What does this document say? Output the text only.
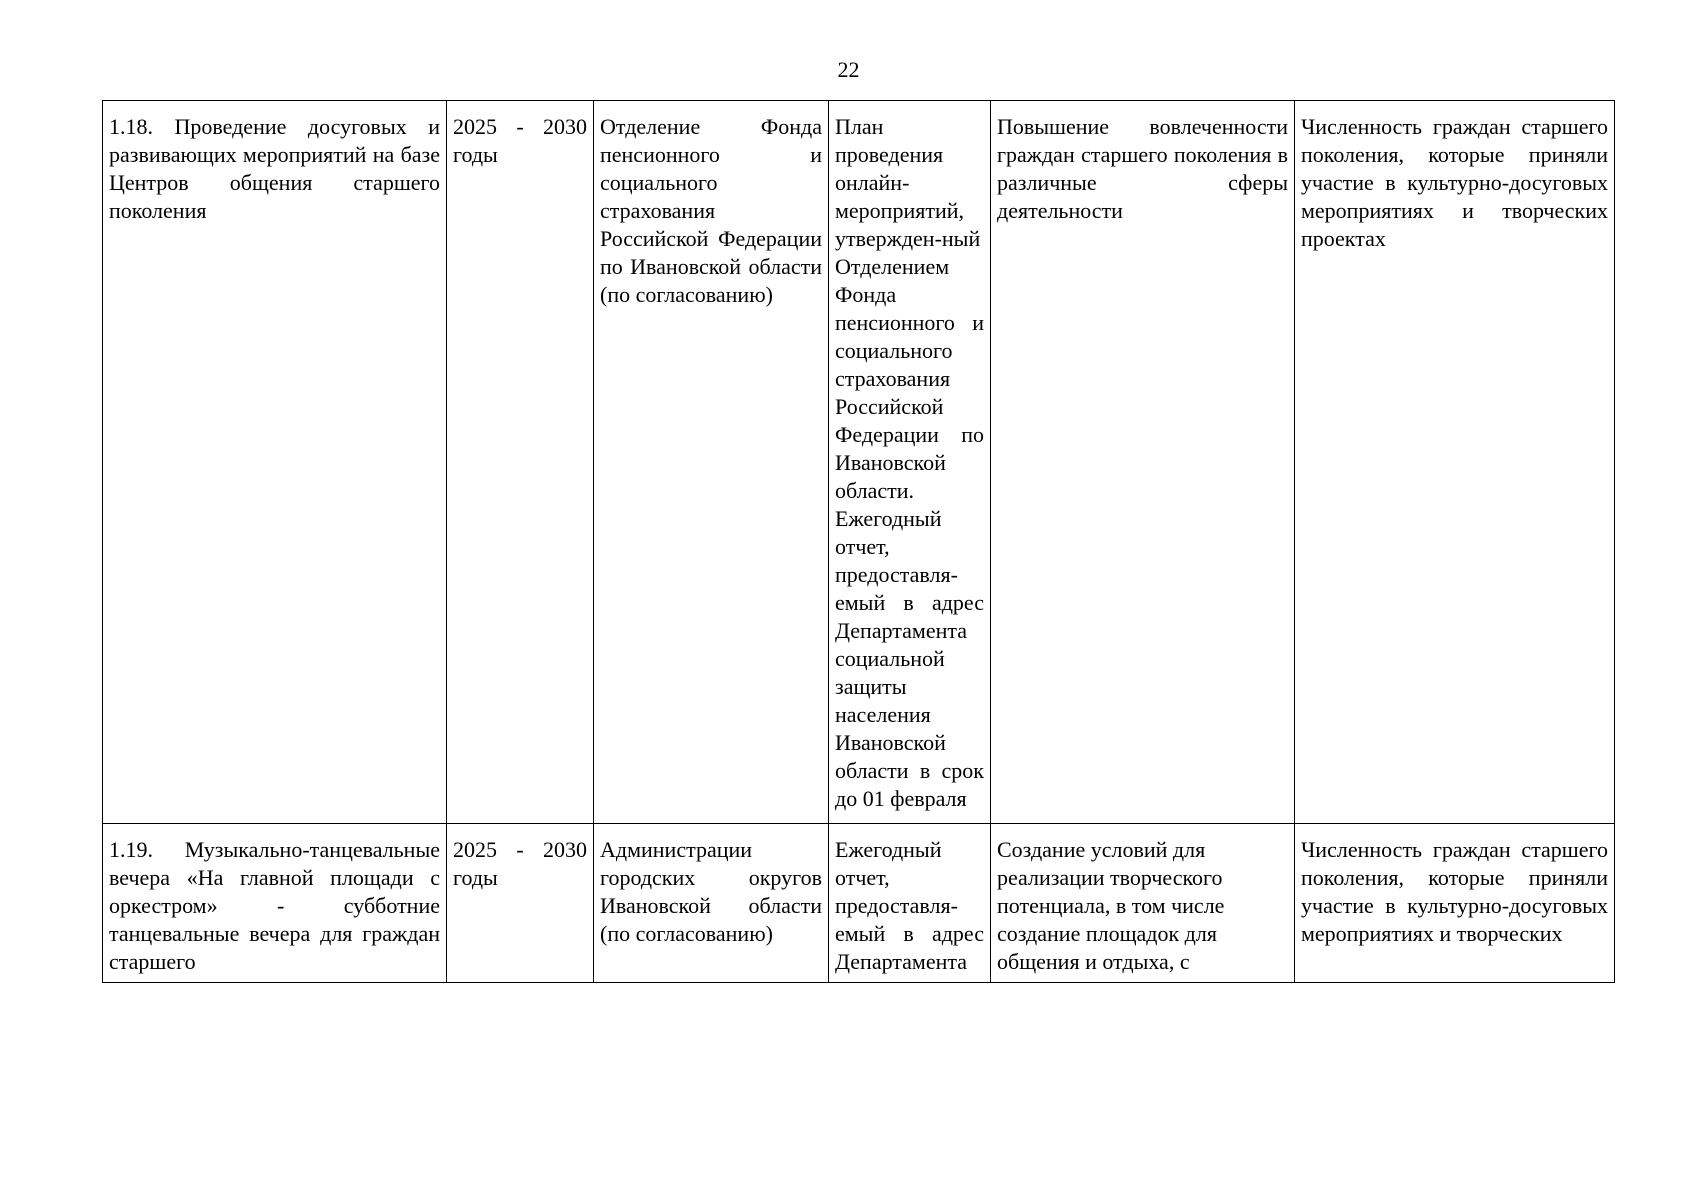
22
1.18. Проведение досуговых и развивающих мероприятий на базе Центров общения старшего поколения	2025 - 2030 годы	Отделение Фонда пенсионного и социального страхования Российской Федерации по Ивановской области (по согласованию)	План проведения онлайн-мероприятий, утвержден-ный Отделением Фонда пенсионного и социального страхования Российской Федерации по Ивановской области. Ежегодный отчет, предоставля-емый в адрес Департамента социальной защиты населения Ивановской области в срок до 01 февраля	Повышение вовлеченности граждан старшего поколения в различные сферы деятельности	Численность граждан старшего поколения, которые приняли участие в культурно-досуговых мероприятиях и творческих проектах
1.19. Музыкально-танцевальные вечера «На главной площади с оркестром» - субботние танцевальные вечера для граждан старшего	2025 - 2030 годы	Администрации городских округов Ивановской области (по согласованию)	Ежегодный отчет, предоставля-емый в адрес Департамента	Создание условий для реализации творческого потенциала, в том числе создание площадок для общения и отдыха, с	Численность граждан старшего поколения, которые приняли участие в культурно-досуговых мероприятиях и творческих
